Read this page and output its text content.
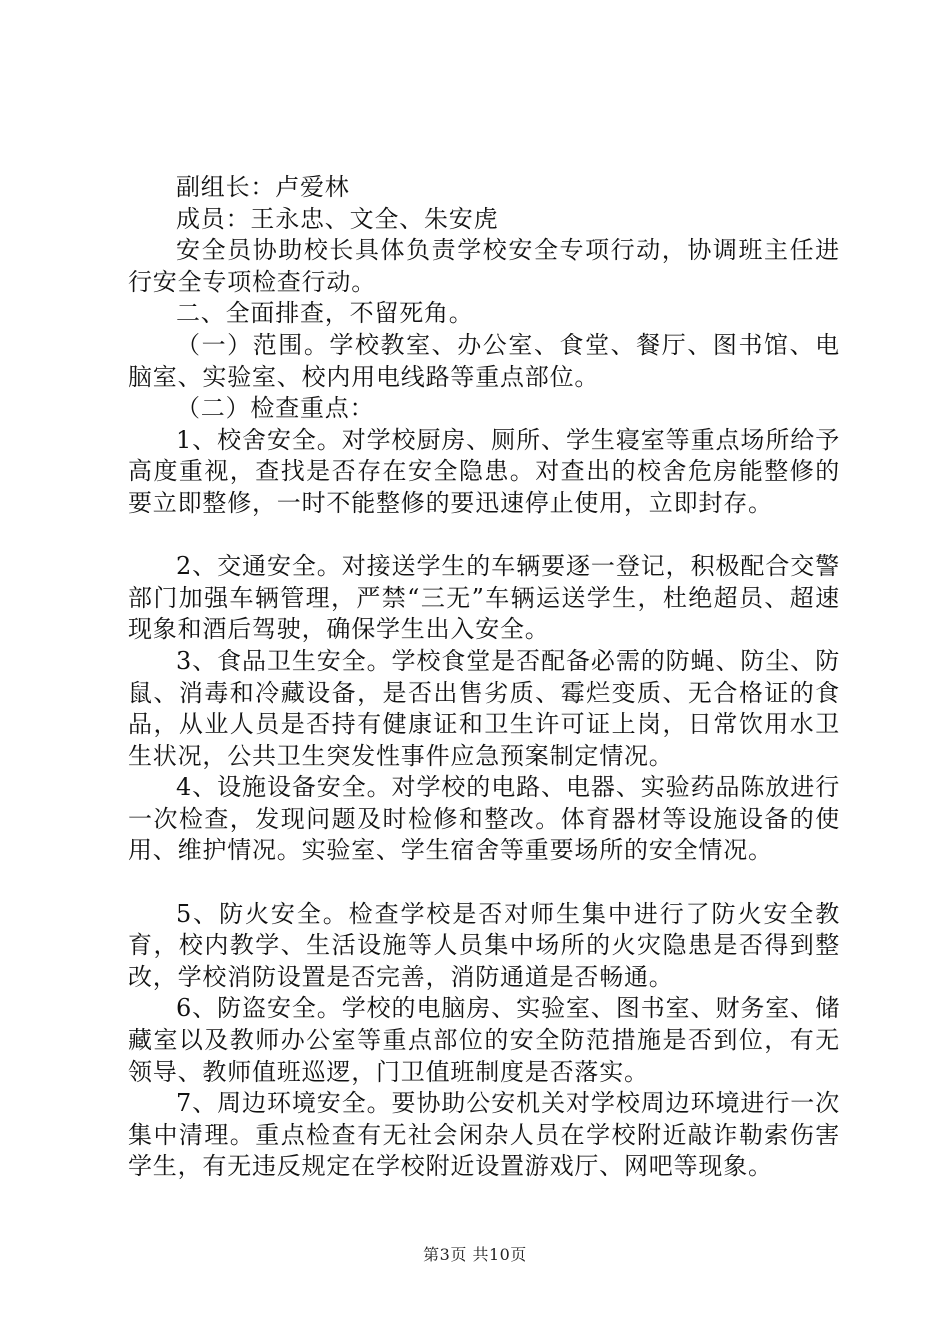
副组长：卢爱林

成员：王永忠、文全、朱安虎

安全员协助校长具体负责学校安全专项行动，协调班主任进行安全专项检查行动。

二、全面排查，不留死角。

（一）范围。学校教室、办公室、食堂、餐厅、图书馆、电脑室、实验室、校内用电线路等重点部位。

（二）检查重点：

1、校舍安全。对学校厨房、厕所、学生寝室等重点场所给予高度重视，查找是否存在安全隐患。对查出的校舍危房能整修的要立即整修，一时不能整修的要迅速停止使用，立即封存。

2、交通安全。对接送学生的车辆要逐一登记，积极配合交警部门加强车辆管理，严禁“三无”车辆运送学生，杜绝超员、超速现象和酒后驾驶，确保学生出入安全。

3、食品卫生安全。学校食堂是否配备必需的防蝇、防尘、防鼠、消毒和冷藏设备，是否出售劣质、霉烂变质、无合格证的食品，从业人员是否持有健康证和卫生许可证上岗，日常饮用水卫生状况，公共卫生突发性事件应急预案制定情况。

4、设施设备安全。对学校的电路、电器、实验药品陈放进行一次检查，发现问题及时检修和整改。体育器材等设施设备的使用、维护情况。实验室、学生宿舍等重要场所的安全情况。

5、防火安全。检查学校是否对师生集中进行了防火安全教育，校内教学、生活设施等人员集中场所的火灾隐患是否得到整改，学校消防设置是否完善，消防通道是否畅通。

6、防盗安全。学校的电脑房、实验室、图书室、财务室、储藏室以及教师办公室等重点部位的安全防范措施是否到位，有无领导、教师值班巡逻，门卫值班制度是否落实。

7、周边环境安全。要协助公安机关对学校周边环境进行一次集中清理。重点检查有无社会闲杂人员在学校附近敲诈勒索伤害学生，有无违反规定在学校附近设置游戏厅、网吧等现象。

第3页 共10页
